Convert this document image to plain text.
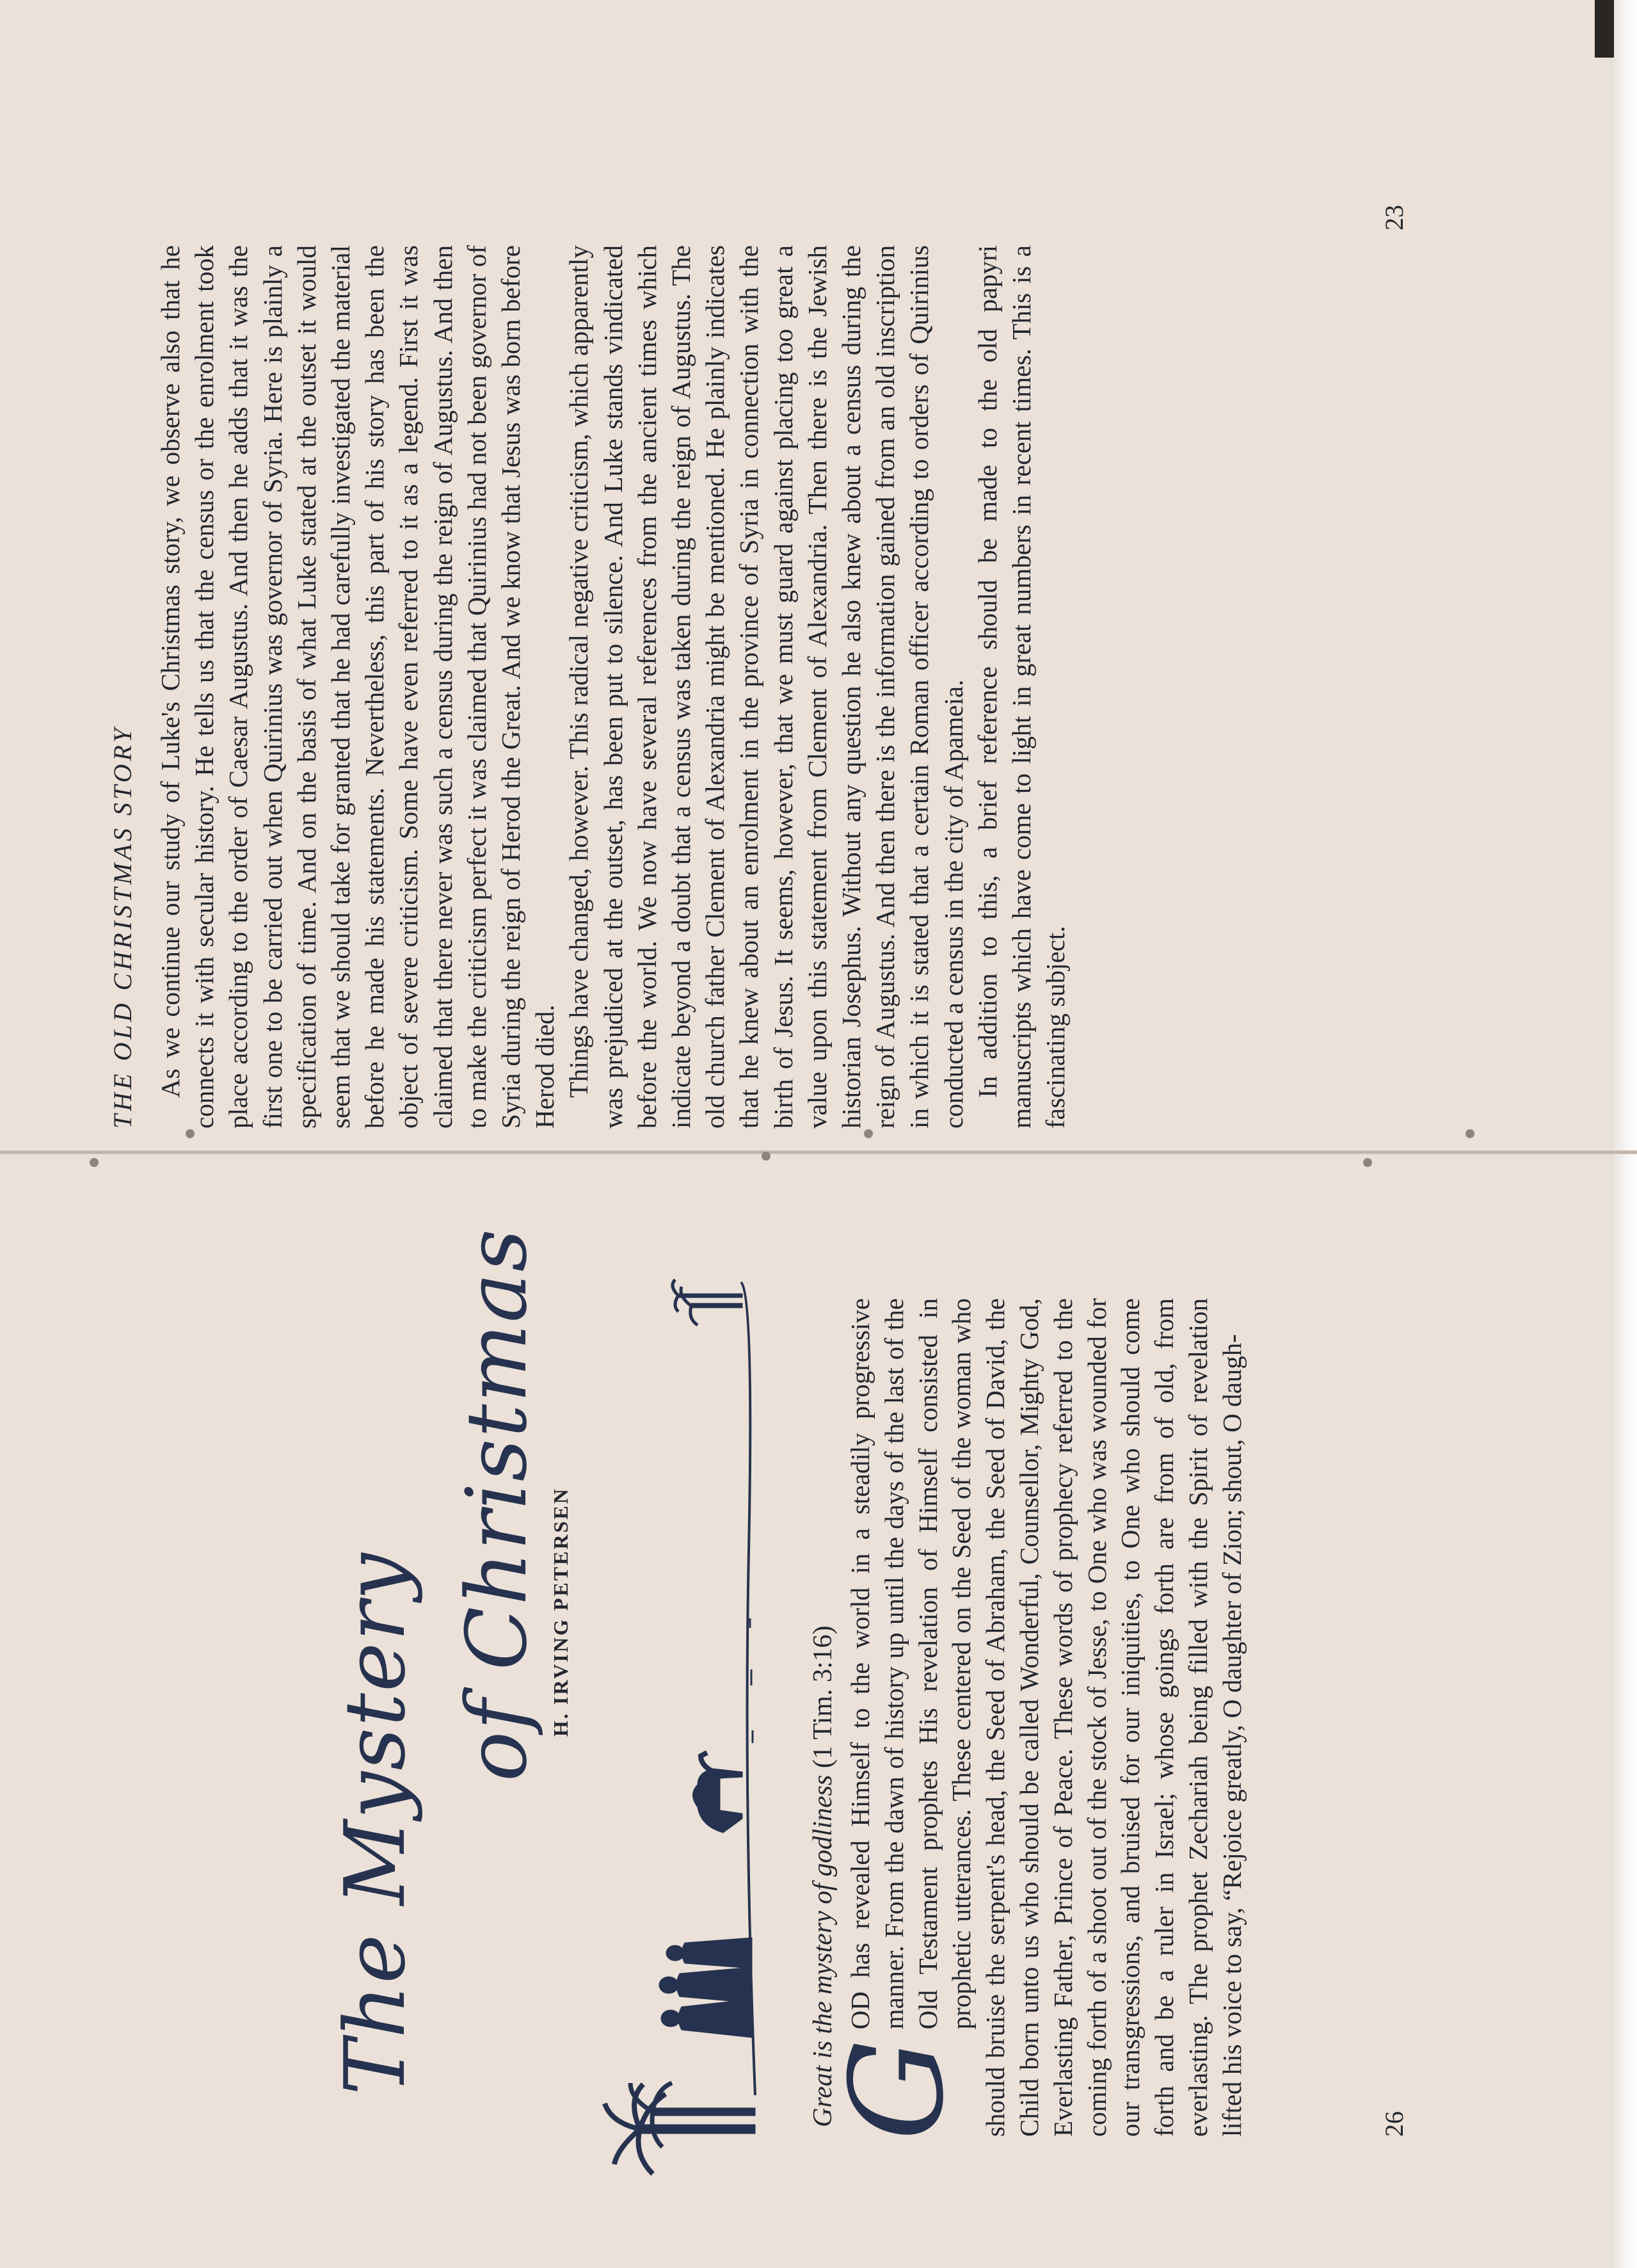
The Mystery
of Christmas H. IRVING PETERSEN
Great is the mystery of godliness (1 Tim. 3:16)
G

OD has revealed Himself to the world in a steadily progressive manner. From the dawn of history up until the days of the last of the Old Testament prophets His revelation of Himself consisted in prophetic utterances. These centered on the Seed of the woman who should bruise the serpent's head, the Seed of Abraham, the Seed of David, the Child born unto us who should be called Wonderful, Counsellor, Mighty God, Everlasting Father, Prince of Peace. These words of prophecy referred to the coming forth of a shoot out of the stock of Jesse, to One who was wounded for our transgressions, and bruised for our iniquities, to One who should come forth and be a ruler in Israel; whose goings forth are from of old, from everlasting. The prophet Zechariah being filled with the Spirit of revelation lifted his voice to say, “Rejoice greatly, O daughter of Zion; shout, O daugh-	26
THE OLD CHRISTMAS STORY As we continue our study of Luke's Christmas story, we observe also that he connects it with secular history. He tells us that the census or the enrolment took place according to the order of Caesar Augustus. And then he adds that it was the first one to be carried out when Quirinius was governor of Syria. Here is plainly a specification of time. And on the basis of what Luke stated at the outset it would seem that we should take for granted that he had carefully investigated the material before he made his statements. Nevertheless, this part of his story has been the object of severe criticism. Some have even referred to it as a legend. First it was claimed that there never was such a census during the reign of Augustus. And then to make the criticism perfect it was claimed that Quirinius had not been governor of Syria during the reign of Herod the Great. And we know that Jesus was born before Herod died. Things have changed, however. This radical negative criticism, which apparently was prejudiced at the outset, has been put to silence. And Luke stands vindicated before the world. We now have several references from the ancient times which indicate beyond a doubt that a census was taken during the reign of Augustus. The old church father Clement of Alexandria might be mentioned. He plainly indicates that he knew about an enrolment in the province of Syria in connection with the birth of Jesus. It seems, however, that we must guard against placing too great a value upon this statement from Clement of Alexandria. Then there is the Jewish historian Josephus. Without any question he also knew about a census during the reign of Augustus. And then there is the information gained from an old inscription in which it is stated that a certain Roman officer according to orders of Quirinius conducted a census in the city of Apameia. In addition to this, a brief reference should be made to the old papyri manuscripts which have come to light in great numbers in recent times. This is a fascinating subject.

23
